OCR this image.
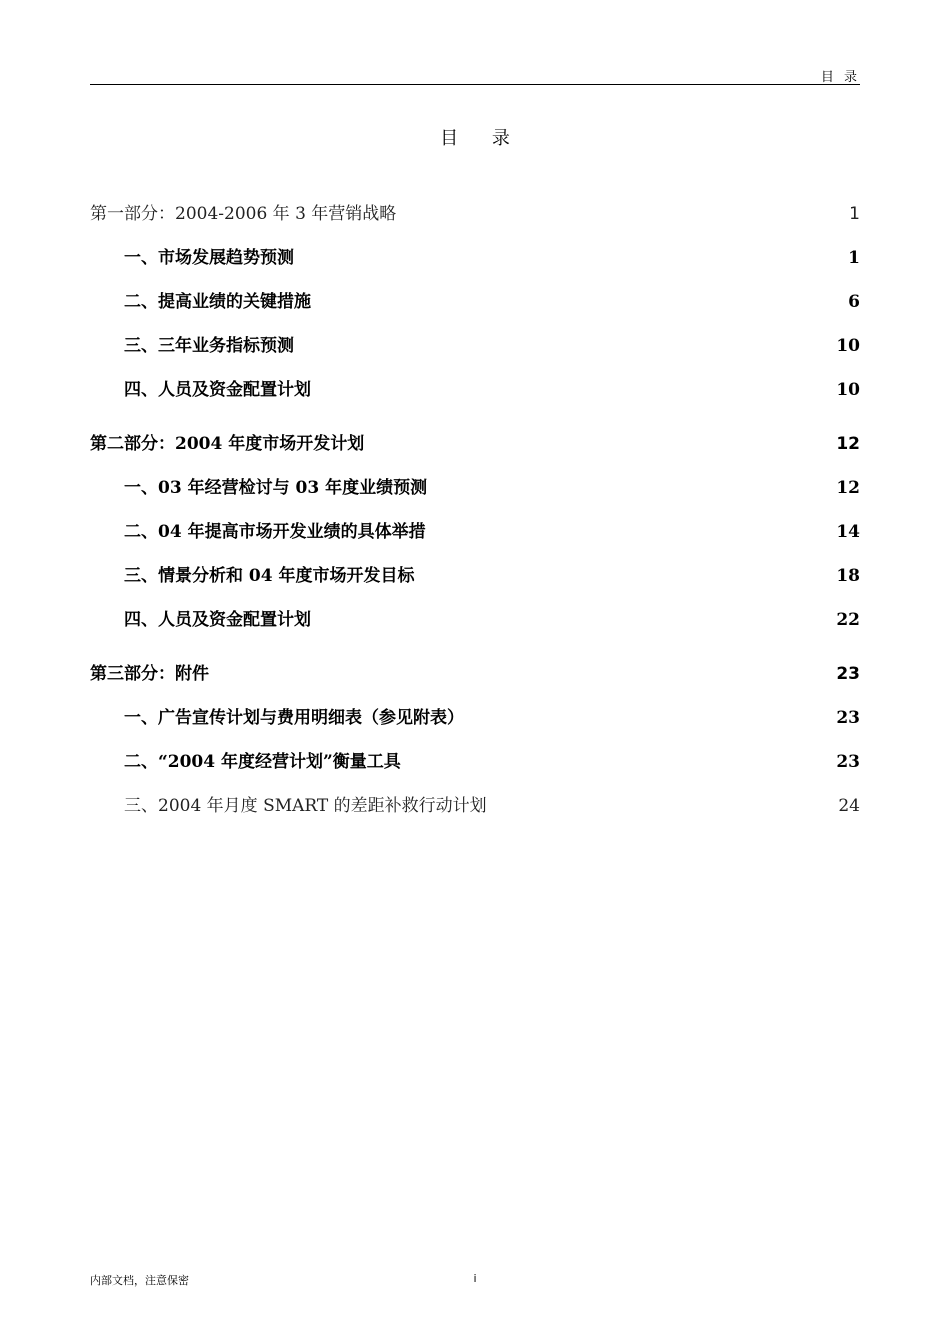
目 录
目 录
第一部分：2004-2006 年 3 年营销战略	1
一、市场发展趋势预测	1
二、提高业绩的关键措施	6
三、三年业务指标预测	10
四、人员及资金配置计划	10
第二部分：2004 年度市场开发计划	12
一、03 年经营检讨与 03 年度业绩预测	12
二、04 年提高市场开发业绩的具体举措	14
三、情景分析和 04 年度市场开发目标	18
四、人员及资金配置计划	22
第三部分：附件	23
一、广告宣传计划与费用明细表（参见附表）	23
二、“2004 年度经营计划”衡量工具	23
三、2004 年月度 SMART 的差距补救行动计划	24
内部文档，注意保密	i
